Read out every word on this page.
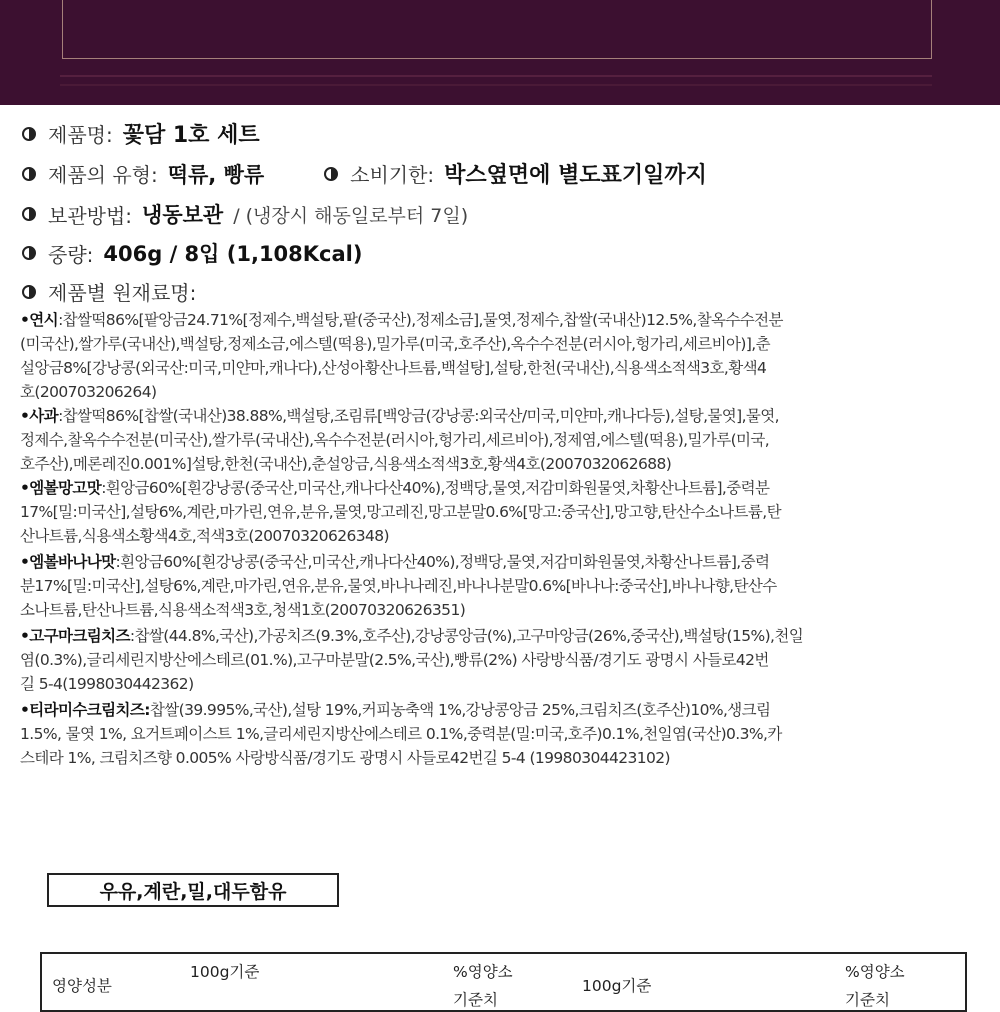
제품명: 꽃담 1호 세트
제품의 유형: 떡류, 빵류	소비기한: 박스옆면에 별도표기일까지
보관방법: 냉동보관 / (냉장시 해동일로부터 7일)
중량: 406g / 8입 (1,108Kcal)
제품별 원재료명:
•연시:찹쌀떡86%[팥앙금24.71%[정제수,백설탕,팥(중국산),정제소금],물엿,정제수,찹쌀(국내산)12.5%,찰옥수수전분
(미국산),쌀가루(국내산),백설탕,정제소금,에스텔(떡용),밀가루(미국,호주산),옥수수전분(러시아,헝가리,세르비아)],춘
설앙금8%[강낭콩(외국산:미국,미얀마,캐나다),산성아황산나트륨,백설탕],설탕,한천(국내산),식용색소적색3호,황색4
호(200703206264)
•사과:찹쌀떡86%[찹쌀(국내산)38.88%,백설탕,조림류[백앙금(강낭콩:외국산/미국,미얀마,캐나다등),설탕,물엿],물엿,
정제수,찰옥수수전분(미국산),쌀가루(국내산),옥수수전분(러시아,헝가리,세르비아),정제염,에스텔(떡용),밀가루(미국,
호주산),메론레진0.001%]설탕,한천(국내산),춘설앙금,식용색소적색3호,황색4호(2007032062688)
•엠볼망고맛:흰앙금60%[흰강낭콩(중국산,미국산,캐나다산40%),정백당,물엿,저감미화원물엿,차황산나트륨],중력분
17%[밀:미국산],설탕6%,계란,마가린,연유,분유,물엿,망고레진,망고분말0.6%[망고:중국산],망고향,탄산수소나트륨,탄
산나트륨,식용색소황색4호,적색3호(20070320626348)
•엠볼바나나맛:흰앙금60%[흰강낭콩(중국산,미국산,캐나다산40%),정백당,물엿,저감미화원물엿,차황산나트륨],중력
분17%[밀:미국산],설탕6%,계란,마가린,연유,분유,물엿,바나나레진,바나나분말0.6%[바나나:중국산],바나나향,탄산수
소나트륨,탄산나트륨,식용색소적색3호,청색1호(20070320626351)
•고구마크림치즈:찹쌀(44.8%,국산),가공치즈(9.3%,호주산),강낭콩앙금(%),고구마앙금(26%,중국산),백설탕(15%),천일
염(0.3%),글리세린지방산에스테르(01.%),고구마분말(2.5%,국산),빵류(2%) 사랑방식품/경기도 광명시 사들로42번
길 5-4(1998030442362)
•티라미수크림치즈:찹쌀(39.995%,국산),설탕 19%,커피농축액 1%,강낭콩앙금 25%,크림치즈(호주산)10%,생크림
1.5%, 물엿 1%, 요거트페이스트 1%,글리세린지방산에스테르 0.1%,중력분(밀:미국,호주)0.1%,천일염(국산)0.3%,카
스테라 1%, 크림치즈향 0.005% 사랑방식품/경기도 광명시 사들로42번길 5-4 (19980304423102)
우유,계란,밀,대두함유
영양성분
100g기준	%영양소
기준치
100g기준
%영양소
기준치
